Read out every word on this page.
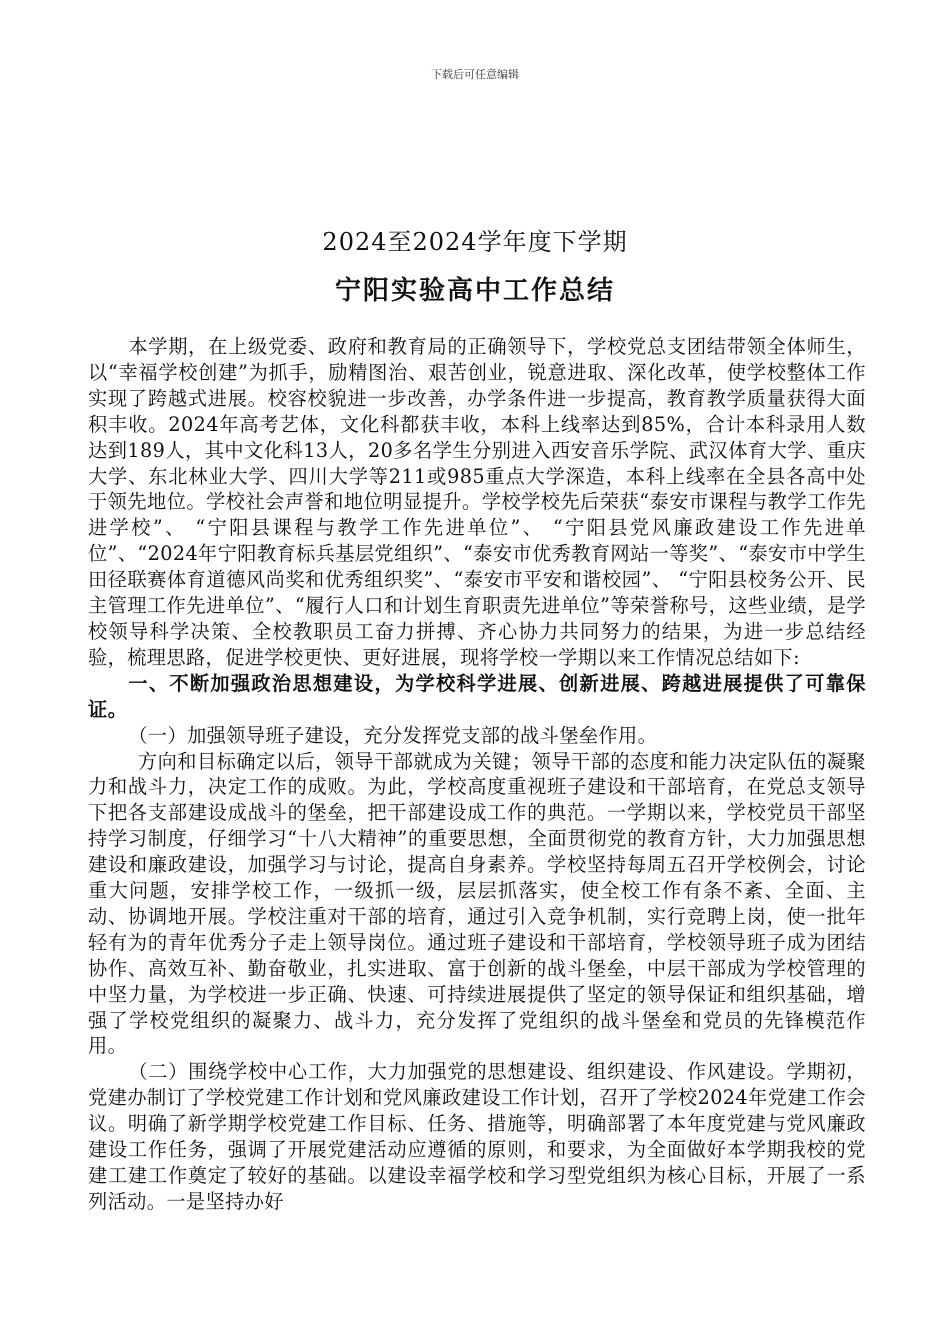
下载后可任意编辑
2024至2024学年度下学期
宁阳实验高中工作总结

本学期，在上级党委、政府和教育局的正确领导下，学校党总支团结带领全体师生，以“幸福学校创建”为抓手，励精图治、艰苦创业，锐意进取、深化改革，使学校整体工作实现了跨越式进展。校容校貌进一步改善，办学条件进一步提高，教育教学质量获得大面积丰收。2024年高考艺体，文化科都获丰收，本科上线率达到85%，合计本科录用人数达到189人，其中文化科13人，20多名学生分别进入西安音乐学院、武汉体育大学、重庆大学、东北林业大学、四川大学等211或985重点大学深造，本科上线率在全县各高中处于领先地位。学校社会声誉和地位明显提升。学校学校先后荣获“泰安市课程与教学工作先进学校”、 “宁阳县课程与教学工作先进单位”、 “宁阳县党风廉政建设工作先进单位”、“2024年宁阳教育标兵基层党组织”、“泰安市优秀教育网站一等奖”、“泰安市中学生田径联赛体育道德风尚奖和优秀组织奖”、“泰安市平安和谐校园”、 “宁阳县校务公开、民主管理工作先进单位”、“履行人口和计划生育职责先进单位”等荣誉称号，这些业绩，是学校领导科学决策、全校教职员工奋力拼搏、齐心协力共同努力的结果，为进一步总结经验，梳理思路，促进学校更快、更好进展，现将学校一学期以来工作情况总结如下:

一、不断加强政治思想建设，为学校科学进展、创新进展、跨越进展提供了可靠保证。

（一）加强领导班子建设，充分发挥党支部的战斗堡垒作用。

方向和目标确定以后，领导干部就成为关键；领导干部的态度和能力决定队伍的凝聚力和战斗力，决定工作的成败。为此，学校高度重视班子建设和干部培育，在党总支领导下把各支部建设成战斗的堡垒，把干部建设成工作的典范。一学期以来，学校党员干部坚持学习制度，仔细学习“十八大精神”的重要思想，全面贯彻党的教育方针，大力加强思想建设和廉政建设，加强学习与讨论，提高自身素养。学校坚持每周五召开学校例会，讨论重大问题，安排学校工作，一级抓一级，层层抓落实，使全校工作有条不紊、全面、主动、协调地开展。学校注重对干部的培育，通过引入竞争机制，实行竞聘上岗，使一批年轻有为的青年优秀分子走上领导岗位。通过班子建设和干部培育，学校领导班子成为团结协作、高效互补、勤奋敬业，扎实进取、富于创新的战斗堡垒，中层干部成为学校管理的中坚力量，为学校进一步正确、快速、可持续进展提供了坚定的领导保证和组织基础，增强了学校党组织的凝聚力、战斗力，充分发挥了党组织的战斗堡垒和党员的先锋模范作用。

（二）围绕学校中心工作，大力加强党的思想建设、组织建设、作风建设。学期初，党建办制订了学校党建工作计划和党风廉政建设工作计划，召开了学校2024年党建工作会议。明确了新学期学校党建工作目标、任务、措施等，明确部署了本年度党建与党风廉政建设工作任务，强调了开展党建活动应遵循的原则，和要求，为全面做好本学期我校的党建工建工作奠定了较好的基础。以建设幸福学校和学习型党组织为核心目标，开展了一系列活动。一是坚持办好
